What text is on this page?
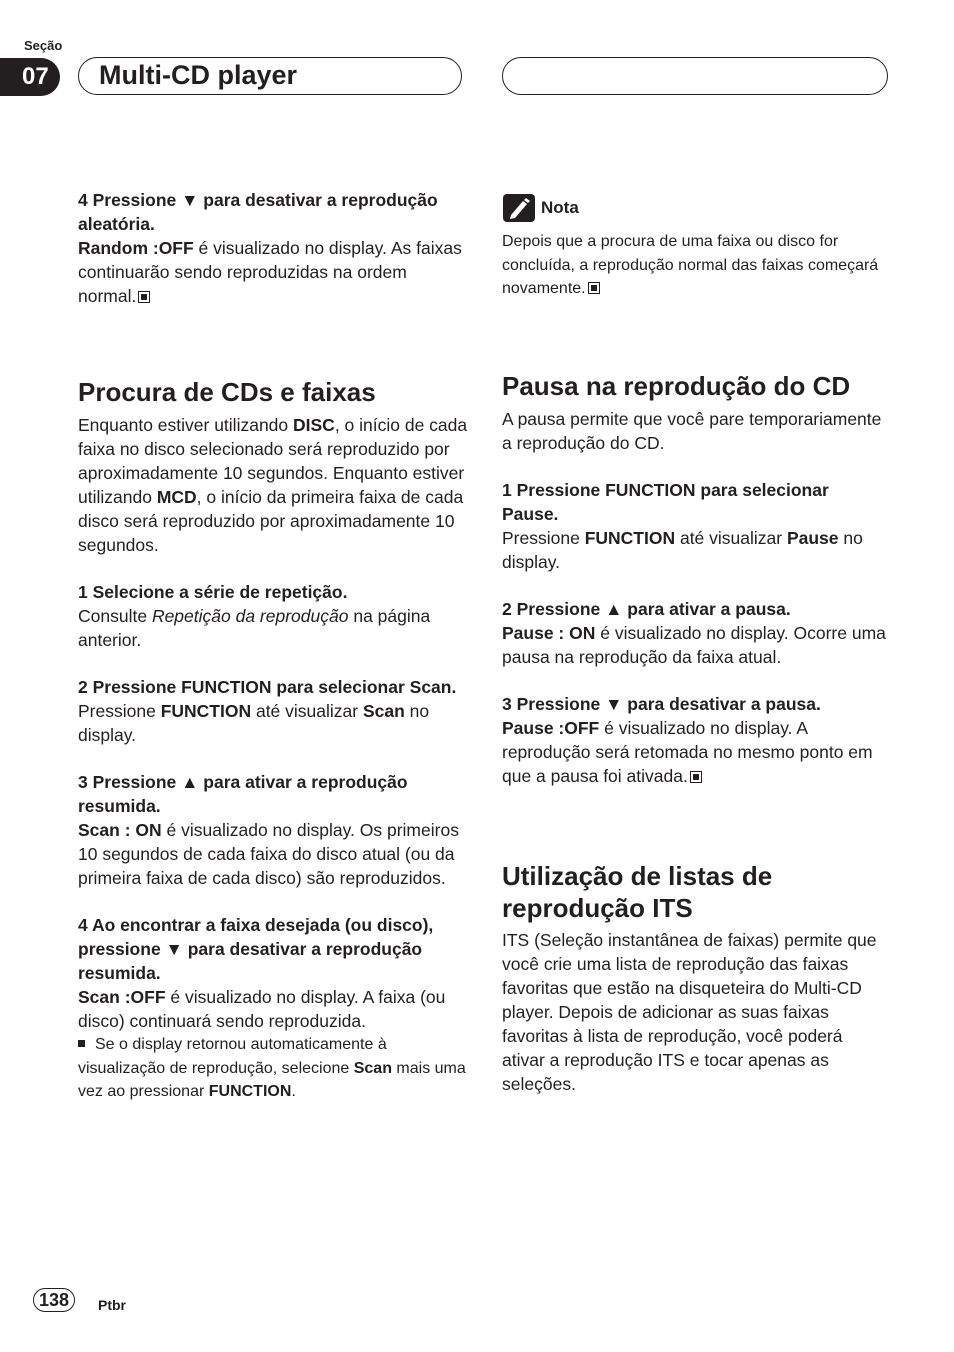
Seção
07	Multi-CD player

4 Pressione ▼ para desativar a reprodução aleatória.

Random :OFF é visualizado no display. As faixas continuarão sendo reproduzidas na ordem normal.

Procura de CDs e faixas

Enquanto estiver utilizando DISC, o início de cada faixa no disco selecionado será reproduzido por aproximadamente 10 segundos. Enquanto estiver utilizando MCD, o início da primeira faixa de cada disco será reproduzido por aproximadamente 10 segundos.

1 Selecione a série de repetição.

Consulte Repetição da reprodução na página anterior.

2 Pressione FUNCTION para selecionar Scan.

Pressione FUNCTION até visualizar Scan no display.

3 Pressione ▲ para ativar a reprodução resumida.

Scan : ON é visualizado no display. Os primeiros 10 segundos de cada faixa do disco atual (ou da primeira faixa de cada disco) são reproduzidos.

4 Ao encontrar a faixa desejada (ou disco), pressione ▼ para desativar a reprodução resumida.

Scan :OFF é visualizado no display. A faixa (ou disco) continuará sendo reproduzida.

Se o display retornou automaticamente à visualização de reprodução, selecione Scan mais uma vez ao pressionar FUNCTION.

Nota

Depois que a procura de uma faixa ou disco for concluída, a reprodução normal das faixas começará novamente.

Pausa na reprodução do CD

A pausa permite que você pare temporariamente a reprodução do CD.

1 Pressione FUNCTION para selecionar Pause.

Pressione FUNCTION até visualizar Pause no display.

2 Pressione ▲ para ativar a pausa.

Pause : ON é visualizado no display. Ocorre uma pausa na reprodução da faixa atual.

3 Pressione ▼ para desativar a pausa.

Pause :OFF é visualizado no display. A reprodução será retomada no mesmo ponto em que a pausa foi ativada.

Utilização de listas de reprodução ITS

ITS (Seleção instantânea de faixas) permite que você crie uma lista de reprodução das faixas favoritas que estão na disqueteira do Multi-CD player. Depois de adicionar as suas faixas favoritas à lista de reprodução, você poderá ativar a reprodução ITS e tocar apenas as seleções.

138	Ptbr
